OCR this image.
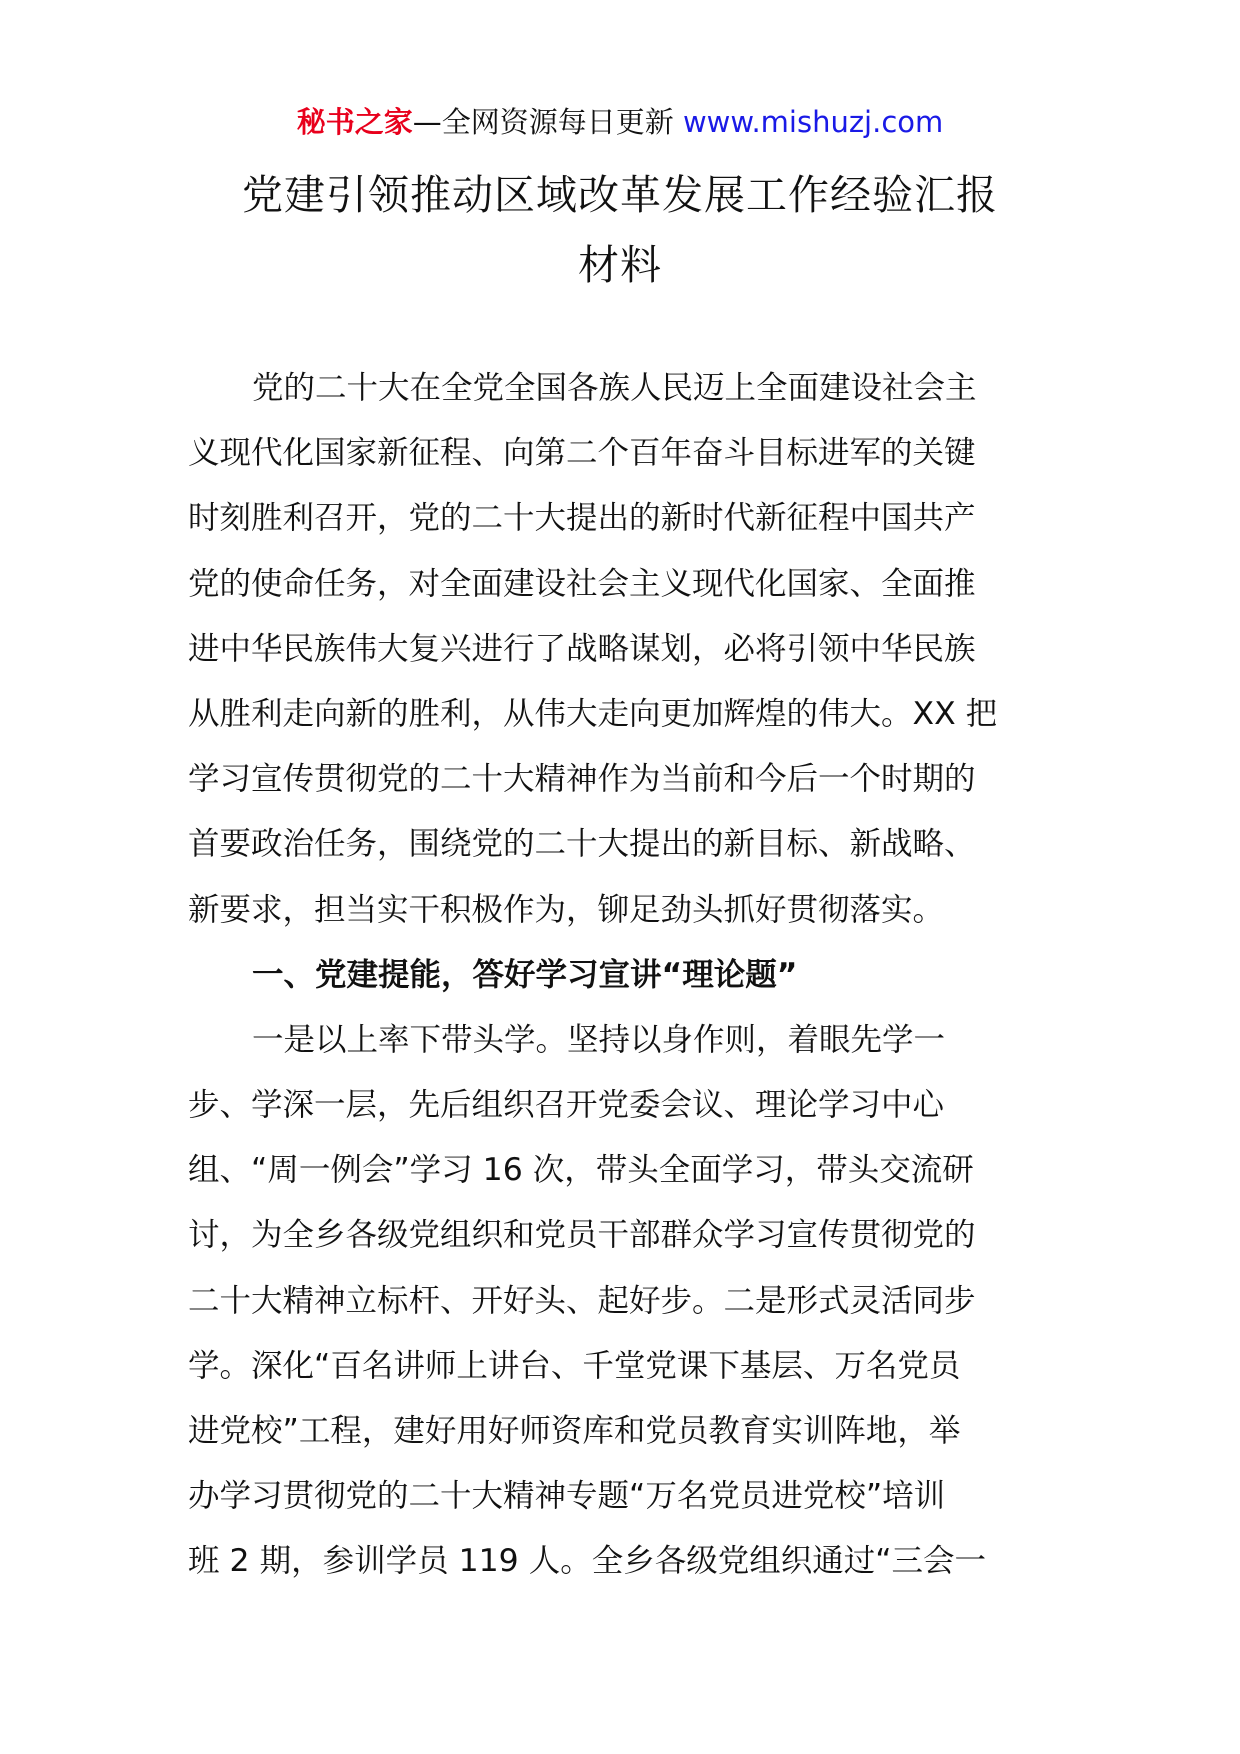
秘书之家—全网资源每日更新 www.mishuzj.com
党建引领推动区域改革发展工作经验汇报
材料
党的二十大在全党全国各族人民迈上全面建设社会主
义现代化国家新征程、向第二个百年奋斗目标进军的关键
时刻胜利召开，党的二十大提出的新时代新征程中国共产
党的使命任务，对全面建设社会主义现代化国家、全面推
进中华民族伟大复兴进行了战略谋划，必将引领中华民族
从胜利走向新的胜利，从伟大走向更加辉煌的伟大。XX 把
学习宣传贯彻党的二十大精神作为当前和今后一个时期的
首要政治任务，围绕党的二十大提出的新目标、新战略、
新要求，担当实干积极作为，铆足劲头抓好贯彻落实。
一、党建提能，答好学习宣讲“理论题”
一是以上率下带头学。坚持以身作则，着眼先学一
步、学深一层，先后组织召开党委会议、理论学习中心
组、“周一例会”学习 16 次，带头全面学习，带头交流研
讨，为全乡各级党组织和党员干部群众学习宣传贯彻党的
二十大精神立标杆、开好头、起好步。二是形式灵活同步
学。深化“百名讲师上讲台、千堂党课下基层、万名党员
进党校”工程，建好用好师资库和党员教育实训阵地，举
办学习贯彻党的二十大精神专题“万名党员进党校”培训
班 2 期，参训学员 119 人。全乡各级党组织通过“三会一
